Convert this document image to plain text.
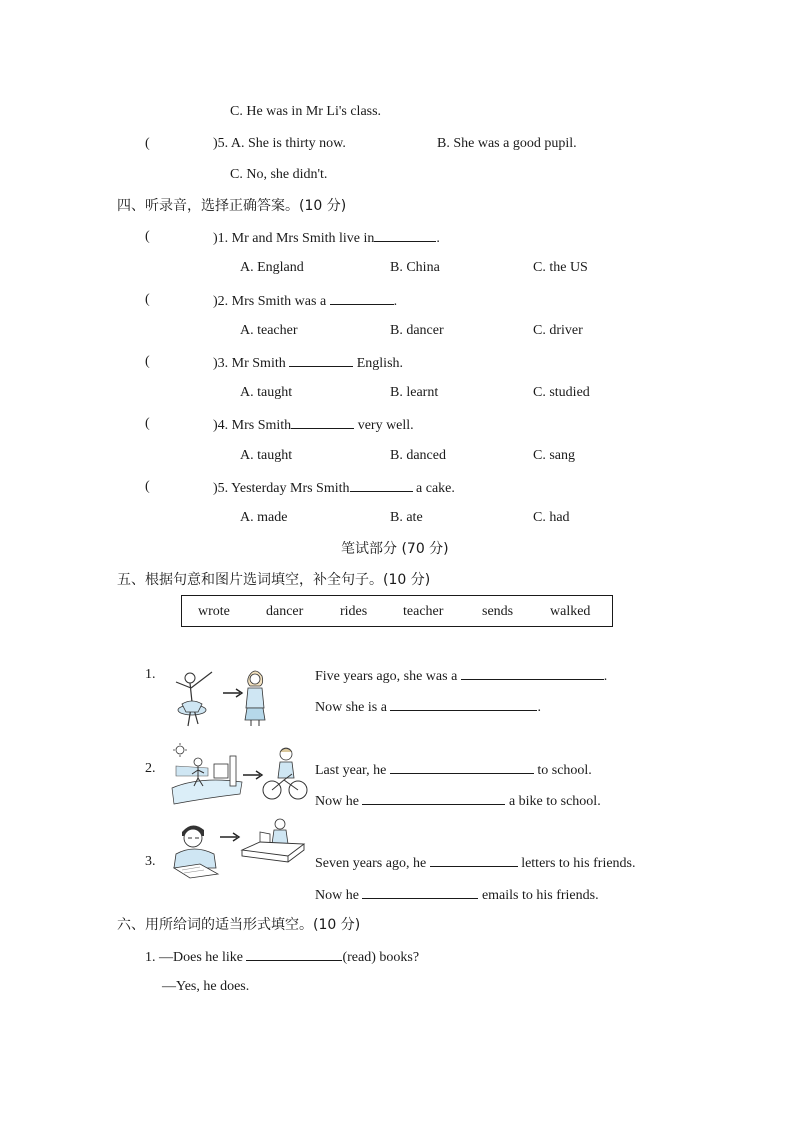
C. He was in Mr Li's class.
(	)5. A. She is thirty now.	B. She was a good pupil.
C. No, she didn't.
四、听录音，选择正确答案。(10 分)
(	)1. Mr and Mrs Smith live in	.
A. England	B. China	C. the US
(	)2. Mrs Smith was a	.
A. teacher	B. dancer	C. driver
(	)3. Mr Smith	English.
A. taught	B. learnt	C. studied
(	)4. Mrs Smith	very well.
A. taught	B. danced	C. sang
(	)5. Yesterday Mrs Smith	a cake.
A. made	B. ate	C. had
笔试部分 (70 分)
五、根据句意和图片选词填空，补全句子。(10 分)
wrote	dancer	rides	teacher	sends	walked
1.	Five years ago, she was a	.
Now she is a	.
2.	Last year, he	to school.
Now he	a bike to school.
3.	Seven years ago, he	letters to his friends.
Now he	emails to his friends.
六、用所给词的适当形式填空。(10 分)
1. —Does he like	(read) books?
—Yes, he does.
